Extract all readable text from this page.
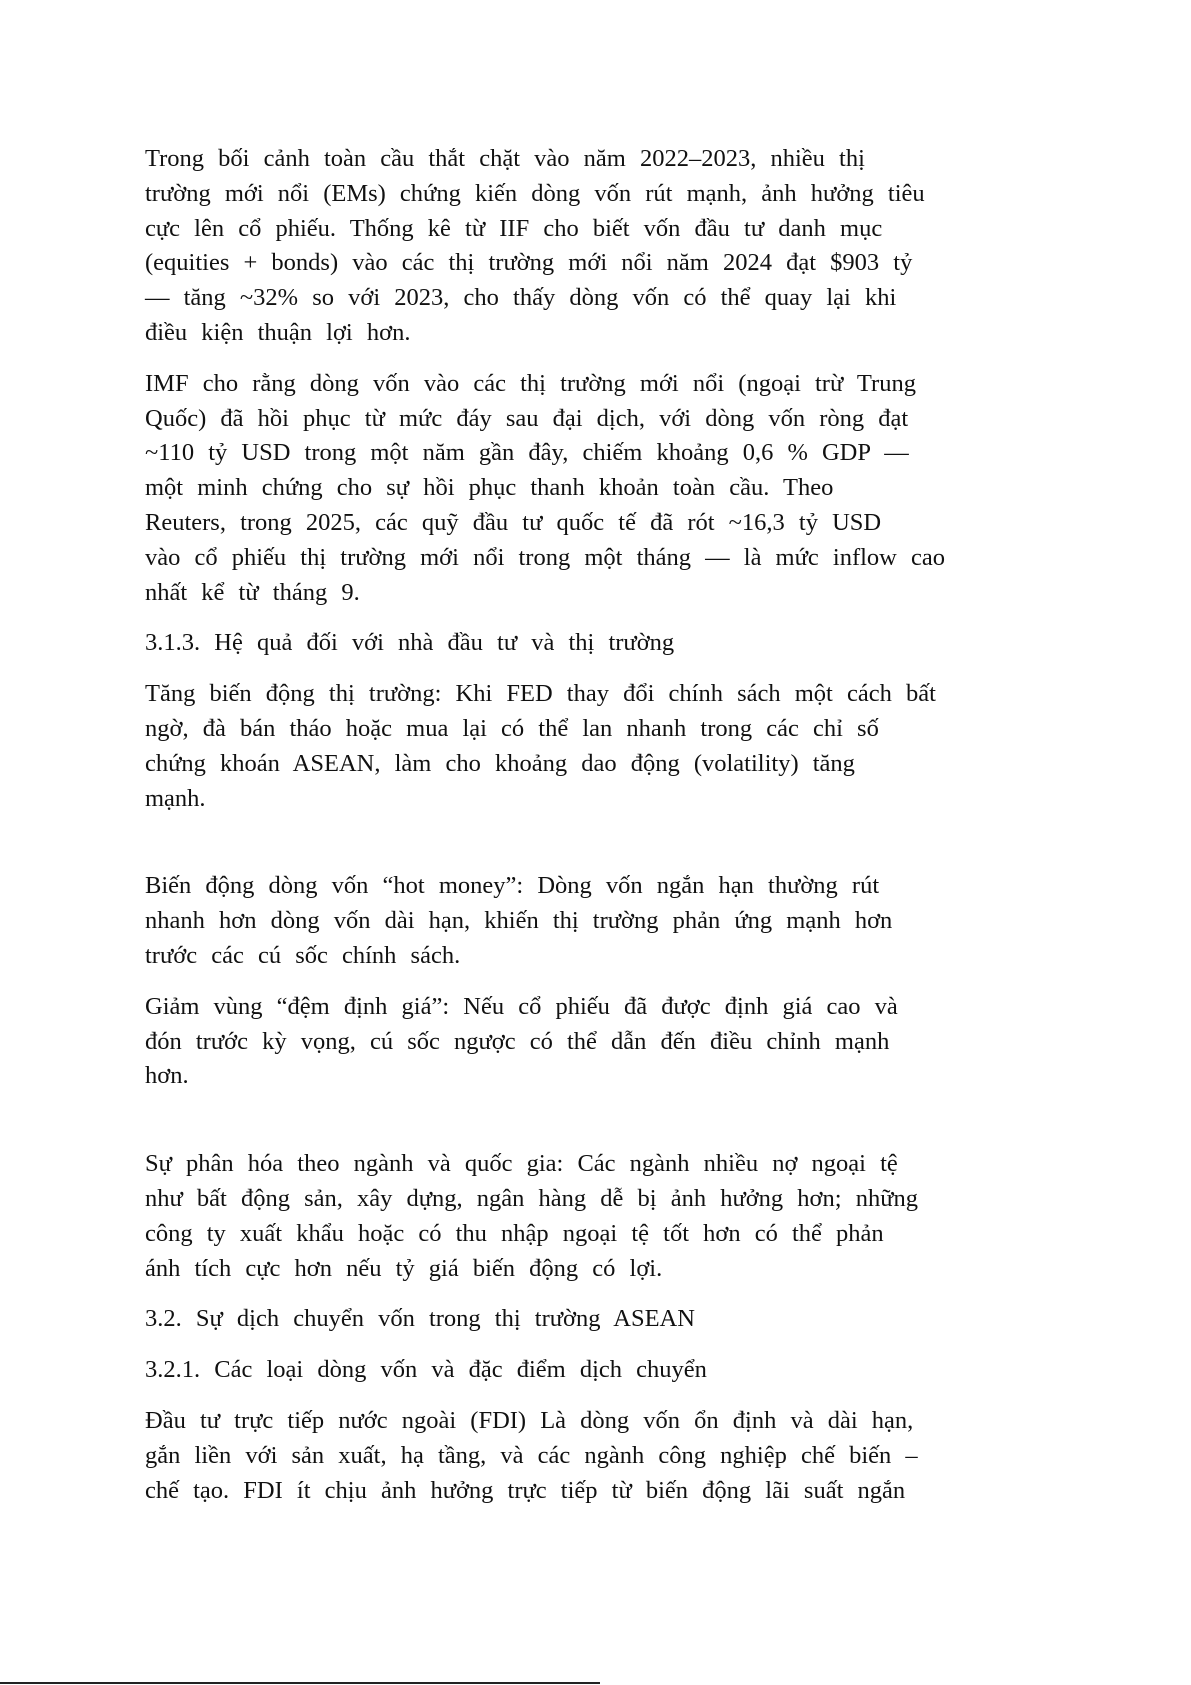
Trong bối cảnh toàn cầu thắt chặt vào năm 2022–2023, nhiều thị
trường mới nổi (EMs) chứng kiến dòng vốn rút mạnh, ảnh hưởng tiêu
cực lên cổ phiếu. Thống kê từ IIF cho biết vốn đầu tư danh mục
(equities + bonds) vào các thị trường mới nổi năm 2024 đạt $903 tỷ
— tăng ~32% so với 2023, cho thấy dòng vốn có thể quay lại khi
điều kiện thuận lợi hơn.

IMF cho rằng dòng vốn vào các thị trường mới nổi (ngoại trừ Trung
Quốc) đã hồi phục từ mức đáy sau đại dịch, với dòng vốn ròng đạt
~110 tỷ USD trong một năm gần đây, chiếm khoảng 0,6 % GDP —
một minh chứng cho sự hồi phục thanh khoản toàn cầu. Theo
Reuters, trong 2025, các quỹ đầu tư quốc tế đã rót ~16,3 tỷ USD
vào cổ phiếu thị trường mới nổi trong một tháng — là mức inflow cao
nhất kể từ tháng 9.

3.1.3. Hệ quả đối với nhà đầu tư và thị trường

Tăng biến động thị trường: Khi FED thay đổi chính sách một cách bất
ngờ, đà bán tháo hoặc mua lại có thể lan nhanh trong các chỉ số
chứng khoán ASEAN, làm cho khoảng dao động (volatility) tăng
mạnh.

Biến động dòng vốn “hot money”: Dòng vốn ngắn hạn thường rút
nhanh hơn dòng vốn dài hạn, khiến thị trường phản ứng mạnh hơn
trước các cú sốc chính sách.

Giảm vùng “đệm định giá”: Nếu cổ phiếu đã được định giá cao và
đón trước kỳ vọng, cú sốc ngược có thể dẫn đến điều chỉnh mạnh
hơn.

Sự phân hóa theo ngành và quốc gia: Các ngành nhiều nợ ngoại tệ
như bất động sản, xây dựng, ngân hàng dễ bị ảnh hưởng hơn; những
công ty xuất khẩu hoặc có thu nhập ngoại tệ tốt hơn có thể phản
ánh tích cực hơn nếu tỷ giá biến động có lợi.

3.2. Sự dịch chuyển vốn trong thị trường ASEAN

3.2.1. Các loại dòng vốn và đặc điểm dịch chuyển

Đầu tư trực tiếp nước ngoài (FDI) Là dòng vốn ổn định và dài hạn,
gắn liền với sản xuất, hạ tầng, và các ngành công nghiệp chế biến –
chế tạo. FDI ít chịu ảnh hưởng trực tiếp từ biến động lãi suất ngắn
